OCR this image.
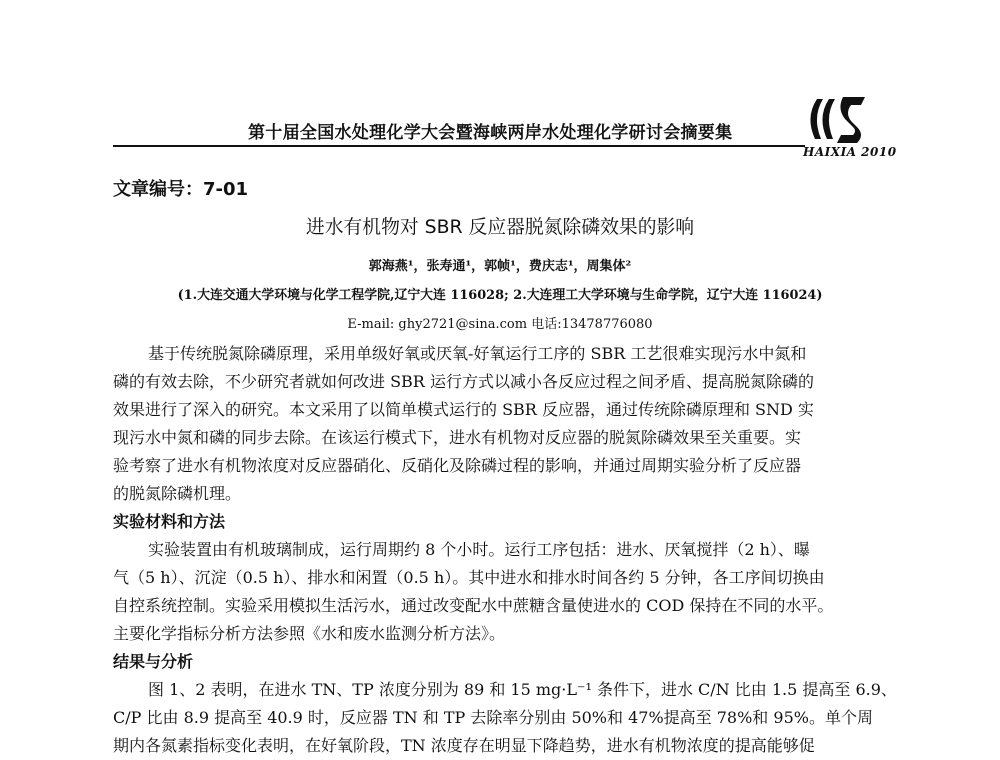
第十届全国水处理化学大会暨海峡两岸水处理化学研讨会摘要集
HAIXIA 2010
文章编号：7-01
进水有机物对 SBR 反应器脱氮除磷效果的影响
郭海燕¹，张寿通¹，郭帧¹，费庆志¹，周集体²
(1.大连交通大学环境与化学工程学院,辽宁大连 116028; 2.大连理工大学环境与生命学院，辽宁大连 116024)
E-mail: ghy2721@sina.com 电话:13478776080
基于传统脱氮除磷原理，采用单级好氧或厌氧-好氧运行工序的 SBR 工艺很难实现污水中氮和
磷的有效去除，不少研究者就如何改进 SBR 运行方式以减小各反应过程之间矛盾、提高脱氮除磷的
效果进行了深入的研究。本文采用了以简单模式运行的 SBR 反应器，通过传统除磷原理和 SND 实
现污水中氮和磷的同步去除。在该运行模式下，进水有机物对反应器的脱氮除磷效果至关重要。实
验考察了进水有机物浓度对反应器硝化、反硝化及除磷过程的影响，并通过周期实验分析了反应器
的脱氮除磷机理。
实验材料和方法
实验装置由有机玻璃制成，运行周期约 8 个小时。运行工序包括：进水、厌氧搅拌（2 h）、曝
气（5 h）、沉淀（0.5 h）、排水和闲置（0.5 h）。其中进水和排水时间各约 5 分钟，各工序间切换由
自控系统控制。实验采用模拟生活污水，通过改变配水中蔗糖含量使进水的 COD 保持在不同的水平。
主要化学指标分析方法参照《水和废水监测分析方法》。
结果与分析
图 1、2 表明，在进水 TN、TP 浓度分别为 89 和 15 mg·L⁻¹ 条件下，进水 C/N 比由 1.5 提高至 6.9、
C/P 比由 8.9 提高至 40.9 时，反应器 TN 和 TP 去除率分别由 50%和 47%提高至 78%和 95%。单个周
期内各氮素指标变化表明，在好氧阶段，TN 浓度存在明显下降趋势，进水有机物浓度的提高能够促
